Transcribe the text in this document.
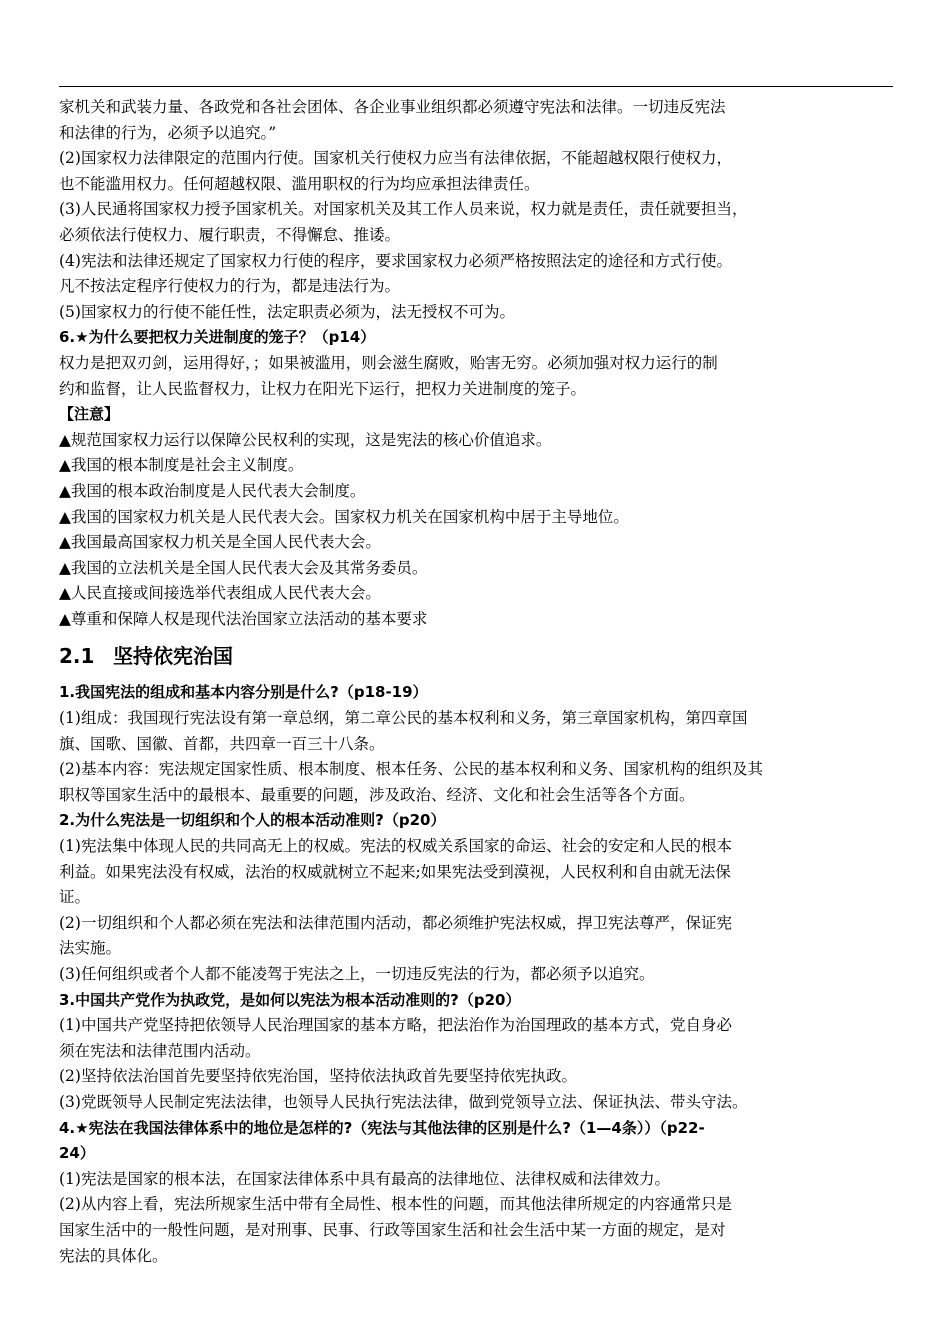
家机关和武装力量、各政党和各社会团体、各企业事业组织都必须遵守宪法和法律。一切违反宪法
和法律的行为，必须予以追究。”
(2)国家权力法律限定的范围内行使。国家机关行使权力应当有法律依据，不能超越权限行使权力，
也不能滥用权力。任何超越权限、滥用职权的行为均应承担法律责任。
(3)人民通将国家权力授予国家机关。对国家机关及其工作人员来说，权力就是责任，责任就要担当，
必须依法行使权力、履行职责，不得懈怠、推诿。
(4)宪法和法律还规定了国家权力行使的程序，要求国家权力必须严格按照法定的途径和方式行使。
凡不按法定程序行使权力的行为，都是违法行为。
(5)国家权力的行使不能任性，法定职责必须为，法无授权不可为。
6.★为什么要把权力关进制度的笼子？（p14）
权力是把双刃剑，运用得好，；如果被滥用，则会滋生腐败，贻害无穷。必须加强对权力运行的制
约和监督，让人民监督权力，让权力在阳光下运行，把权力关进制度的笼子。
【注意】
▲规范国家权力运行以保障公民权利的实现，这是宪法的核心价值追求。
▲我国的根本制度是社会主义制度。
▲我国的根本政治制度是人民代表大会制度。
▲我国的国家权力机关是人民代表大会。国家权力机关在国家机构中居于主导地位。
▲我国最高国家权力机关是全国人民代表大会。
▲我国的立法机关是全国人民代表大会及其常务委员。
▲人民直接或间接选举代表组成人民代表大会。
▲尊重和保障人权是现代法治国家立法活动的基本要求
2.1 坚持依宪治国
1.我国宪法的组成和基本内容分别是什么?（p18-19）
(1)组成：我国现行宪法设有第一章总纲，第二章公民的基本权利和义务，第三章国家机构，第四章国
旗、国歌、国徽、首都，共四章一百三十八条。
(2)基本内容：宪法规定国家性质、根本制度、根本任务、公民的基本权利和义务、国家机构的组织及其
职权等国家生活中的最根本、最重要的问题，涉及政治、经济、文化和社会生活等各个方面。
2.为什么宪法是一切组织和个人的根本活动准则?（p20）
(1)宪法集中体现人民的共同高无上的权威。宪法的权威关系国家的命运、社会的安定和人民的根本
利益。如果宪法没有权威，法治的权威就树立不起来;如果宪法受到漠视，人民权利和自由就无法保
证。
(2)一切组织和个人都必须在宪法和法律范围内活动，都必须维护宪法权威，捍卫宪法尊严，保证宪
法实施。
(3)任何组织或者个人都不能凌驾于宪法之上，一切违反宪法的行为，都必须予以追究。
3.中国共产党作为执政党，是如何以宪法为根本活动准则的?（p20）
(1)中国共产党坚持把依领导人民治理国家的基本方略，把法治作为治国理政的基本方式，党自身必
须在宪法和法律范围内活动。
(2)坚持依法治国首先要坚持依宪治国，坚持依法执政首先要坚持依宪执政。
(3)党既领导人民制定宪法法律，也领导人民执行宪法法律，做到党领导立法、保证执法、带头守法。
4.★宪法在我国法律体系中的地位是怎样的?（宪法与其他法律的区别是什么?（1—4条））（p22-
24）
(1)宪法是国家的根本法，在国家法律体系中具有最高的法律地位、法律权威和法律效力。
(2)从内容上看，宪法所规家生活中带有全局性、根本性的问题，而其他法律所规定的内容通常只是
国家生活中的一般性问题，是对刑事、民事、行政等国家生活和社会生活中某一方面的规定，是对
宪法的具体化。
